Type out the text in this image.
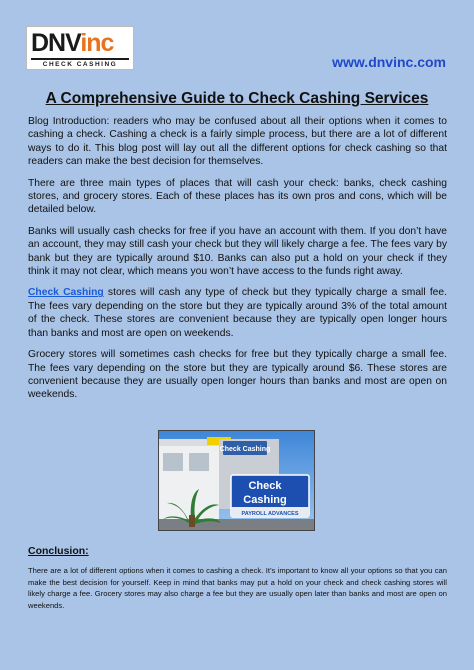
DNVinc
CHECK CASHING	www.dnvinc.com
A Comprehensive Guide to Check Cashing Services

Blog Introduction: readers who may be confused about all their options when it comes to cashing a check. Cashing a check is a fairly simple process, but there are a lot of different ways to do it. This blog post will lay out all the different options for check cashing so that readers can make the best decision for themselves.

There are three main types of places that will cash your check: banks, check cashing stores, and grocery stores. Each of these places has its own pros and cons, which will be detailed below.

Banks will usually cash checks for free if you have an account with them. If you don’t have an account, they may still cash your check but they will likely charge a fee. The fees vary by bank but they are typically around $10. Banks can also put a hold on your check if they think it may not clear, which means you won’t have access to the funds right away.

Check Cashing stores will cash any type of check but they typically charge a small fee. The fees vary depending on the store but they are typically around 3% of the total amount of the check. These stores are convenient because they are typically open longer hours than banks and most are open on weekends.

Grocery stores will sometimes cash checks for free but they typically charge a small fee. The fees vary depending on the store but they are typically around $6. These stores are convenient because they are usually open longer hours than banks and most are open on weekends.

Check Cashing
Check
Cashing
PAYROLL ADVANCES
Conclusion:
There are a lot of different options when it comes to cashing a check. It’s important to know all your options so that you can make the best decision for yourself. Keep in mind that banks may put a hold on your check and check cashing stores will likely charge a fee. Grocery stores may also charge a fee but they are usually open later than banks and most are open on weekends.
